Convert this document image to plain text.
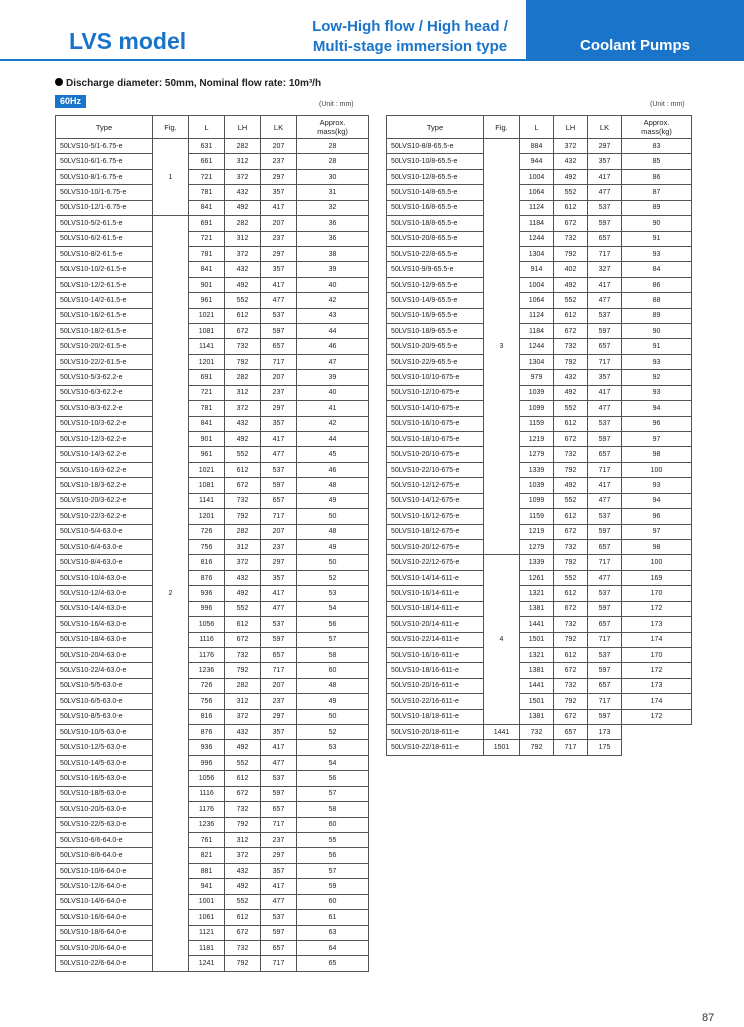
LVS model
Low-High flow / High head /
Multi-stage immersion type	Coolant Pumps
Discharge diameter: 50mm, Nominal flow rate: 10m³/h
60Hz	(Unit : mm)	(Unit : mm)
Type	Fig.	L	LH	LK	Approx.
mass(kg)
50LVS10-5/1-6.75-e	1	631	282	207	28
50LVS10-6/1-6.75-e		661	312	237	28
50LVS10-8/1-6.75-e		721	372	297	30
50LVS10-10/1-6.75-e		781	432	357	31
50LVS10-12/1-6.75-e		841	492	417	32
50LVS10-5/2-61.5-e	2	691	282	207	36
50LVS10-6/2-61.5-e		721	312	237	36
50LVS10-8/2-61.5-e		781	372	297	38
50LVS10-10/2-61.5-e		841	432	357	39
50LVS10-12/2-61.5-e		901	492	417	40
50LVS10-14/2-61.5-e		961	552	477	42
50LVS10-16/2-61.5-e		1021	612	537	43
50LVS10-18/2-61.5-e		1081	672	597	44
50LVS10-20/2-61.5-e		1141	732	657	46
50LVS10-22/2-61.5-e		1201	792	717	47
50LVS10-5/3-62.2-e		691	282	207	39
50LVS10-6/3-62.2-e		721	312	237	40
50LVS10-8/3-62.2-e		781	372	297	41
50LVS10-10/3-62.2-e		841	432	357	42
50LVS10-12/3-62.2-e		901	492	417	44
50LVS10-14/3-62.2-e		961	552	477	45
50LVS10-16/3-62.2-e		1021	612	537	46
50LVS10-18/3-62.2-e		1081	672	597	48
50LVS10-20/3-62.2-e		1141	732	657	49
50LVS10-22/3-62.2-e		1201	792	717	50
50LVS10-5/4-63.0-e		726	282	207	48
50LVS10-6/4-63.0-e		756	312	237	49
50LVS10-8/4-63.0-e		816	372	297	50
50LVS10-10/4-63.0-e		876	432	357	52
50LVS10-12/4-63.0-e		936	492	417	53
50LVS10-14/4-63.0-e		996	552	477	54
50LVS10-16/4-63.0-e		1056	612	537	56
50LVS10-18/4-63.0-e		1116	672	597	57
50LVS10-20/4-63.0-e		1176	732	657	58
50LVS10-22/4-63.0-e		1236	792	717	60
50LVS10-5/5-63.0-e		726	282	207	48
50LVS10-6/5-63.0-e		756	312	237	49
50LVS10-8/5-63.0-e		816	372	297	50
50LVS10-10/5-63.0-e		876	432	357	52
50LVS10-12/5-63.0-e		936	492	417	53
50LVS10-14/5-63.0-e		996	552	477	54
50LVS10-16/5-63.0-e		1056	612	537	56
50LVS10-18/5-63.0-e		1116	672	597	57
50LVS10-20/5-63.0-e		1176	732	657	58
50LVS10-22/5-63.0-e		1236	792	717	60
50LVS10-6/6-64.0-e		761	312	237	55
50LVS10-8/6-64.0-e		821	372	297	56
50LVS10-10/6-64.0-e		881	432	357	57
50LVS10-12/6-64.0-e		941	492	417	59
50LVS10-14/6-64.0-e		1001	552	477	60
50LVS10-16/6-64.0-e		1061	612	537	61
50LVS10-18/6-64.0-e		1121	672	597	63
50LVS10-20/6-64.0-e		1181	732	657	64
50LVS10-22/6-64.0-e		1241	792	717	65
Type	Fig.	L	LH	LK	Approx.
mass(kg)
50LVS10-8/8-65.5-e	3	884	372	297	83
50LVS10-10/8-65.5-e		944	432	357	85
50LVS10-12/8-65.5-e		1004	492	417	86
50LVS10-14/8-65.5-e		1064	552	477	87
50LVS10-16/8-65.5-e		1124	612	537	89
50LVS10-18/8-65.5-e		1184	672	597	90
50LVS10-20/8-65.5-e		1244	732	657	91
50LVS10-22/8-65.5-e		1304	792	717	93
50LVS10-9/9-65.5-e		914	402	327	84
50LVS10-12/9-65.5-e		1004	492	417	86
50LVS10-14/9-65.5-e		1064	552	477	88
50LVS10-16/9-65.5-e		1124	612	537	89
50LVS10-18/9-65.5-e		1184	672	597	90
50LVS10-20/9-65.5-e		1244	732	657	91
50LVS10-22/9-65.5-e		1304	792	717	93
50LVS10-10/10-675-e		979	432	357	92
50LVS10-12/10-675-e		1039	492	417	93
50LVS10-14/10-675-e		1099	552	477	94
50LVS10-16/10-675-e		1159	612	537	96
50LVS10-18/10-675-e		1219	672	597	97
50LVS10-20/10-675-e		1279	732	657	98
50LVS10-22/10-675-e		1339	792	717	100
50LVS10-12/12-675-e		1039	492	417	93
50LVS10-14/12-675-e		1099	552	477	94
50LVS10-16/12-675-e		1159	612	537	96
50LVS10-18/12-675-e		1219	672	597	97
50LVS10-20/12-675-e		1279	732	657	98
50LVS10-22/12-675-e	4	1339	792	717	100
50LVS10-14/14-611-e		1261	552	477	169
50LVS10-16/14-611-e		1321	612	537	170
50LVS10-18/14-611-e		1381	672	597	172
50LVS10-20/14-611-e		1441	732	657	173
50LVS10-22/14-611-e		1501	792	717	174
50LVS10-16/16-611-e		1321	612	537	170
50LVS10-18/16-611-e		1381	672	597	172
50LVS10-20/16-611-e		1441	732	657	173
50LVS10-22/16-611-e		1501	792	717	174
50LVS10-18/18-611-e		1381	672	597	172
50LVS10-20/18-611-e	1441	732	657	173	
50LVS10-22/18-611-e	1501	792	717	175	
87
